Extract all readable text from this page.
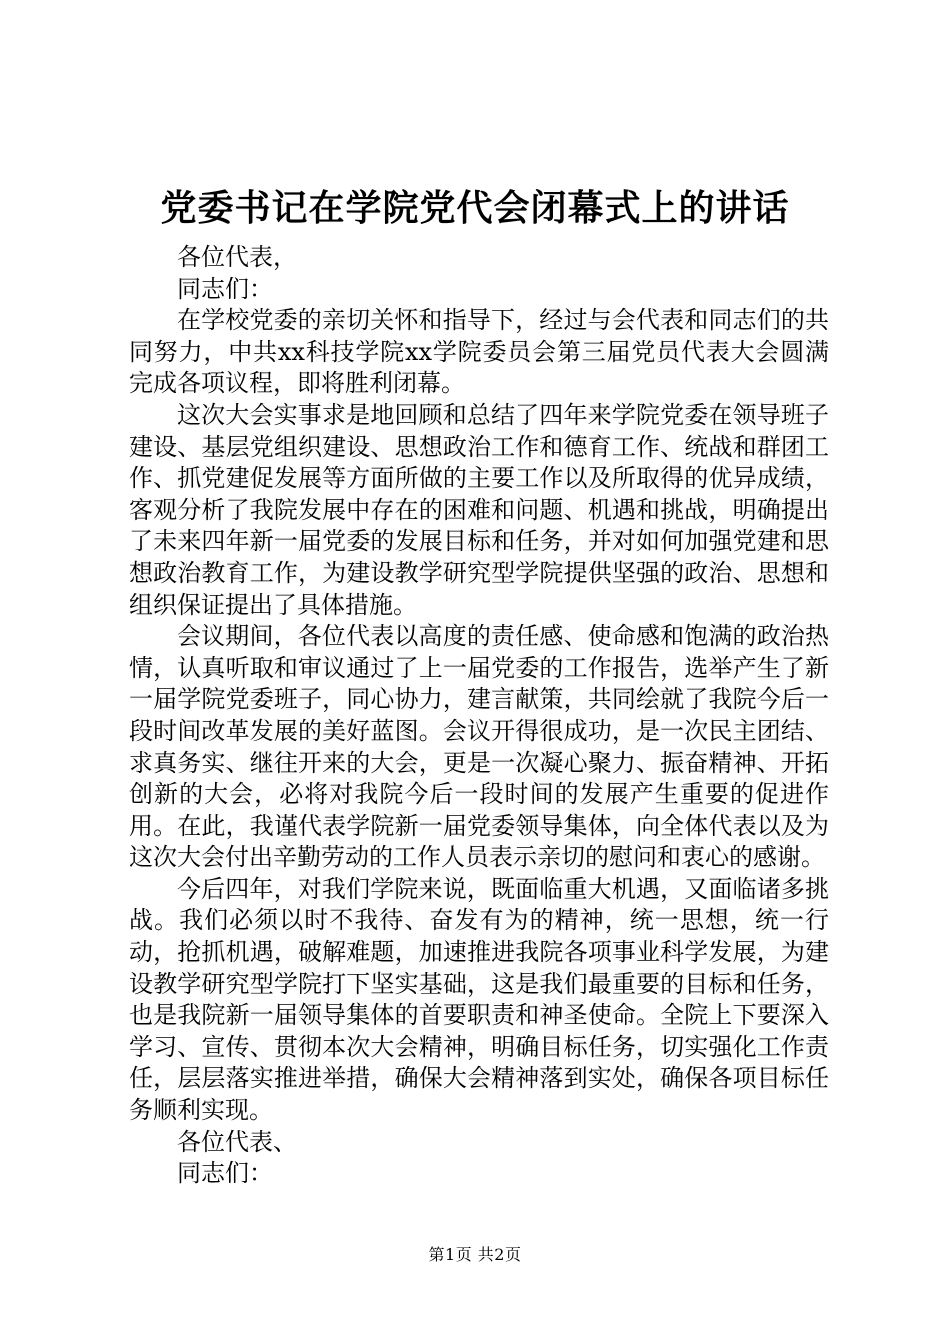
党委书记在学院党代会闭幕式上的讲话

各位代表，

同志们：

在学校党委的亲切关怀和指导下，经过与会代表和同志们的共同努力，中共xx科技学院xx学院委员会第三届党员代表大会圆满完成各项议程，即将胜利闭幕。

这次大会实事求是地回顾和总结了四年来学院党委在领导班子建设、基层党组织建设、思想政治工作和德育工作、统战和群团工作、抓党建促发展等方面所做的主要工作以及所取得的优异成绩，客观分析了我院发展中存在的困难和问题、机遇和挑战，明确提出了未来四年新一届党委的发展目标和任务，并对如何加强党建和思想政治教育工作，为建设教学研究型学院提供坚强的政治、思想和组织保证提出了具体措施。

会议期间，各位代表以高度的责任感、使命感和饱满的政治热情，认真听取和审议通过了上一届党委的工作报告，选举产生了新一届学院党委班子，同心协力，建言献策，共同绘就了我院今后一段时间改革发展的美好蓝图。会议开得很成功，是一次民主团结、求真务实、继往开来的大会，更是一次凝心聚力、振奋精神、开拓创新的大会，必将对我院今后一段时间的发展产生重要的促进作用。在此，我谨代表学院新一届党委领导集体，向全体代表以及为这次大会付出辛勤劳动的工作人员表示亲切的慰问和衷心的感谢。

今后四年，对我们学院来说，既面临重大机遇，又面临诸多挑战。我们必须以时不我待、奋发有为的精神，统一思想，统一行动，抢抓机遇，破解难题，加速推进我院各项事业科学发展，为建设教学研究型学院打下坚实基础，这是我们最重要的目标和任务，也是我院新一届领导集体的首要职责和神圣使命。全院上下要深入学习、宣传、贯彻本次大会精神，明确目标任务，切实强化工作责任，层层落实推进举措，确保大会精神落到实处，确保各项目标任务顺利实现。

各位代表、

同志们：

第1页 共2页
